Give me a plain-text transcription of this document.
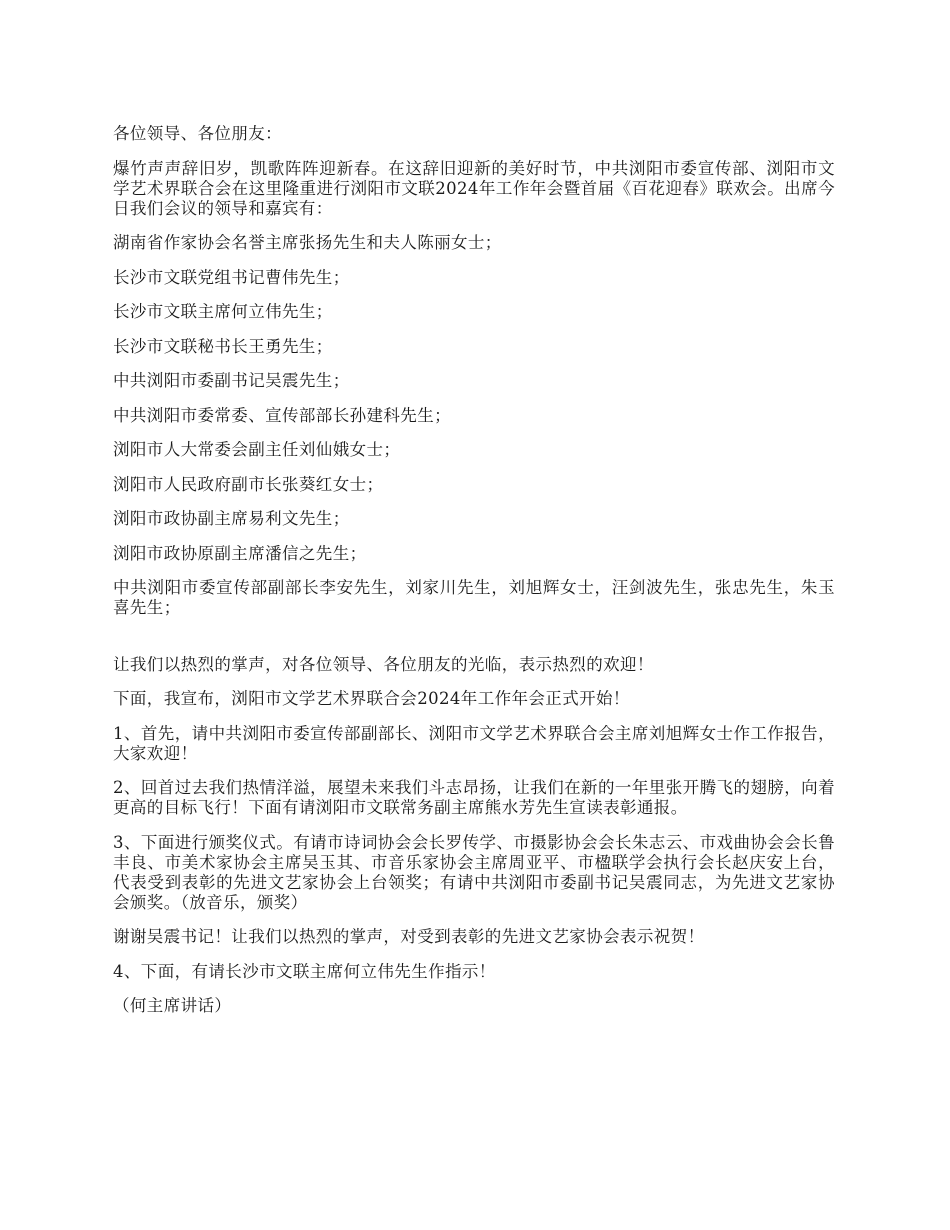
各位领导、各位朋友：

爆竹声声辞旧岁，凯歌阵阵迎新春。在这辞旧迎新的美好时节，中共浏阳市委宣传部、浏阳市文学艺术界联合会在这里隆重进行浏阳市文联2024年工作年会暨首届《百花迎春》联欢会。出席今日我们会议的领导和嘉宾有：

湖南省作家协会名誉主席张扬先生和夫人陈丽女士；

长沙市文联党组书记曹伟先生；

长沙市文联主席何立伟先生；

长沙市文联秘书长王勇先生；

中共浏阳市委副书记吴震先生；

中共浏阳市委常委、宣传部部长孙建科先生；

浏阳市人大常委会副主任刘仙娥女士；

浏阳市人民政府副市长张葵红女士；

浏阳市政协副主席易利文先生；

浏阳市政协原副主席潘信之先生；

中共浏阳市委宣传部副部长李安先生，刘家川先生，刘旭辉女士，汪剑波先生，张忠先生，朱玉喜先生；

让我们以热烈的掌声，对各位领导、各位朋友的光临，表示热烈的欢迎！

下面，我宣布，浏阳市文学艺术界联合会2024年工作年会正式开始！

1、首先，请中共浏阳市委宣传部副部长、浏阳市文学艺术界联合会主席刘旭辉女士作工作报告，大家欢迎！

2、回首过去我们热情洋溢，展望未来我们斗志昂扬，让我们在新的一年里张开腾飞的翅膀，向着更高的目标飞行！下面有请浏阳市文联常务副主席熊水芳先生宣读表彰通报。

3、下面进行颁奖仪式。有请市诗词协会会长罗传学、市摄影协会会长朱志云、市戏曲协会会长鲁丰良、市美术家协会主席吴玉其、市音乐家协会主席周亚平、市楹联学会执行会长赵庆安上台，代表受到表彰的先进文艺家协会上台领奖；有请中共浏阳市委副书记吴震同志，为先进文艺家协会颁奖。（放音乐，颁奖）

谢谢吴震书记！让我们以热烈的掌声，对受到表彰的先进文艺家协会表示祝贺！

4、下面，有请长沙市文联主席何立伟先生作指示！

（何主席讲话）
